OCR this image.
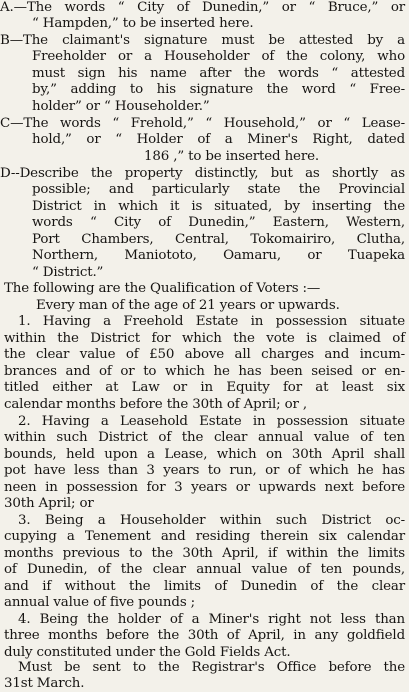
A.—The words “ City of Dunedin,” or “ Bruce,” or
“ Hampden,” to be inserted here.
B—The claimant's signature must be attested by a
Freeholder or a Householder of the colony, who
must sign his name after the words “ attested
by,” adding to his signature the word “ Free-
holder” or “ Householder.”
C—The words “ Frehold,” “ Household,” or “ Lease-
hold,” or “ Holder of a Miner's Right, dated
186 ,” to be inserted here.
D--Describe the property distinctly, but as shortly as
possible; and particularly state the Provincial
District in which it is situated, by inserting the
words “ City of Dunedin,” Eastern, Western,
Port Chambers, Central, Tokomairiro, Clutha,
Northern, Maniototo, Oamaru, or Tuapeka
“ District.”
The following are the Qualification of Voters :—
Every man of the age of 21 years or upwards.
1. Having a Freehold Estate in possession situate
within the District for which the vote is claimed of
the clear value of £50 above all charges and incum-
brances and of or to which he has been seised or en-
titled either at Law or in Equity for at least six
calendar months before the 30th of April; or ,
2. Having a Leasehold Estate in possession situate
within such District of the clear annual value of ten
bounds, held upon a Lease, which on 30th April shall
pot have less than 3 years to run, or of which he has
neen in possession for 3 years or upwards next before
30th April; or
3. Being a Householder within such District oc-
cupying a Tenement and residing therein six calendar
months previous to the 30th April, if within the limits
of Dunedin, of the clear annual value of ten pounds,
and if without the limits of Dunedin of the clear
annual value of five pounds ;
4. Being the holder of a Miner's right not less than
three months before the 30th of April, in any goldfield
duly constituted under the Gold Fields Act.
Must be sent to the Registrar's Office before the
31st March.
